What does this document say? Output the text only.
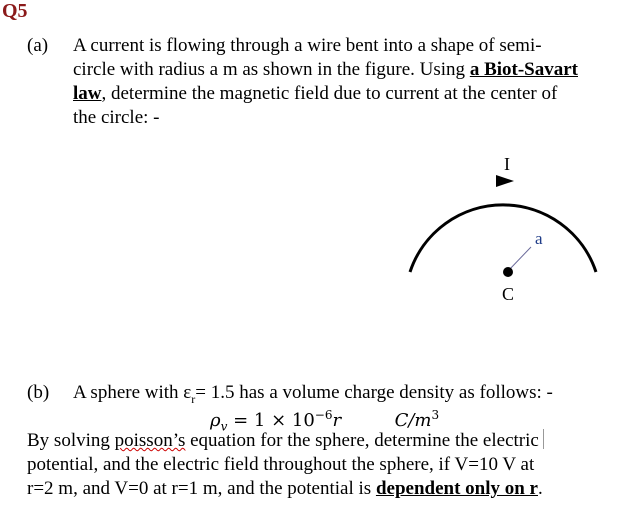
Q5
(a) A current is flowing through a wire bent into a shape of semi-
circle with radius a m as shown in the figure. Using a Biot-Savart
law, determine the magnetic field due to current at the center of
the circle: -
I
a
C
(b) A sphere with $\varepsilon_r= 1.5$ has a volume charge density as follows: -
$\rho_v = 1 \times 10^{-6}r$	$C/m^3$
By solving poisson’s equation for the sphere, determine the electric
potential, and the electric field throughout the sphere, if V=10 V at
r=2 m, and V=0 at r=1 m, and the potential is dependent only on r.
